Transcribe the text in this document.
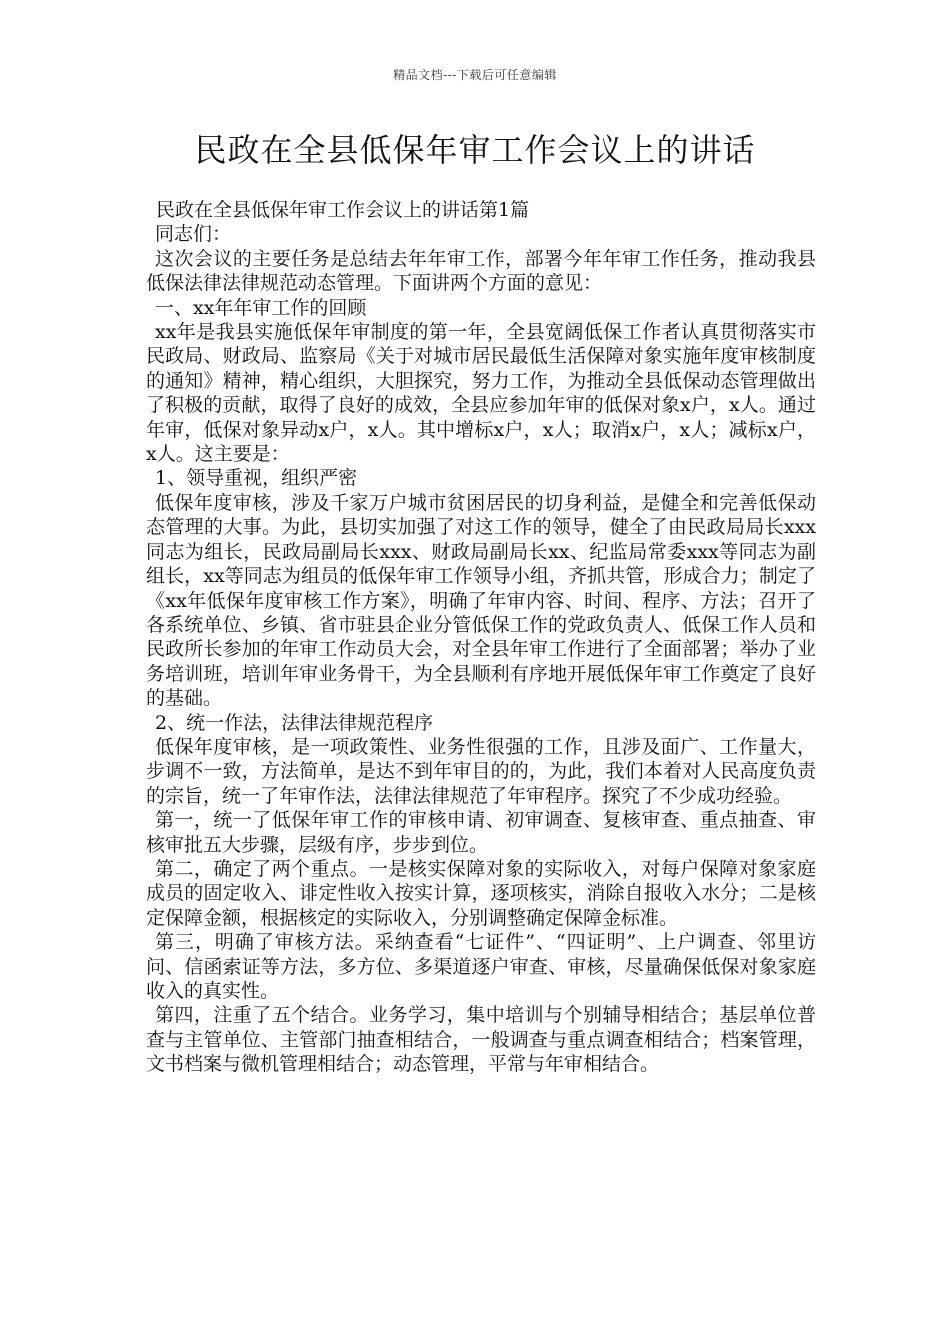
精品文档---下载后可任意编辑
民政在全县低保年审工作会议上的讲话

民政在全县低保年审工作会议上的讲话第1篇

同志们：

这次会议的主要任务是总结去年年审工作，部署今年年审工作任务，推动我县低保法律法律规范动态管理。下面讲两个方面的意见：

一、xx年年审工作的回顾

xx年是我县实施低保年审制度的第一年，全县宽阔低保工作者认真贯彻落实市民政局、财政局、监察局《关于对城市居民最低生活保障对象实施年度审核制度的通知》精神，精心组织，大胆探究，努力工作，为推动全县低保动态管理做出了积极的贡献，取得了良好的成效，全县应参加年审的低保对象x户，x人。通过年审，低保对象异动x户，x人。其中增标x户，x人；取消x户，x人；减标x户，x人。这主要是：

1、领导重视，组织严密

低保年度审核，涉及千家万户城市贫困居民的切身利益，是健全和完善低保动态管理的大事。为此，县切实加强了对这工作的领导，健全了由民政局局长xxx同志为组长，民政局副局长xxx、财政局副局长xx、纪监局常委xxx等同志为副组长，xx等同志为组员的低保年审工作领导小组，齐抓共管，形成合力；制定了《xx年低保年度审核工作方案》，明确了年审内容、时间、程序、方法；召开了各系统单位、乡镇、省市驻县企业分管低保工作的党政负责人、低保工作人员和民政所长参加的年审工作动员大会，对全县年审工作进行了全面部署；举办了业务培训班，培训年审业务骨干，为全县顺利有序地开展低保年审工作奠定了良好的基础。

2、统一作法，法律法律规范程序

低保年度审核，是一项政策性、业务性很强的工作，且涉及面广、工作量大，步调不一致，方法简单，是达不到年审目的的，为此，我们本着对人民高度负责的宗旨，统一了年审作法，法律法律规范了年审程序。探究了不少成功经验。

第一，统一了低保年审工作的审核申请、初审调查、复核审查、重点抽查、审核审批五大步骤，层级有序，步步到位。

第二，确定了两个重点。一是核实保障对象的实际收入，对每户保障对象家庭成员的固定收入、诽定性收入按实计算，逐项核实，消除自报收入水分；二是核定保障金额，根据核定的实际收入，分别调整确定保障金标准。

第三，明确了审核方法。采纳查看“七证件”、“四证明”、上户调查、邻里访问、信函索证等方法，多方位、多渠道逐户审查、审核，尽量确保低保对象家庭收入的真实性。

第四，注重了五个结合。业务学习，集中培训与个别辅导相结合；基层单位普查与主管单位、主管部门抽查相结合，一般调查与重点调查相结合；档案管理，文书档案与微机管理相结合；动态管理，平常与年审相结合。
